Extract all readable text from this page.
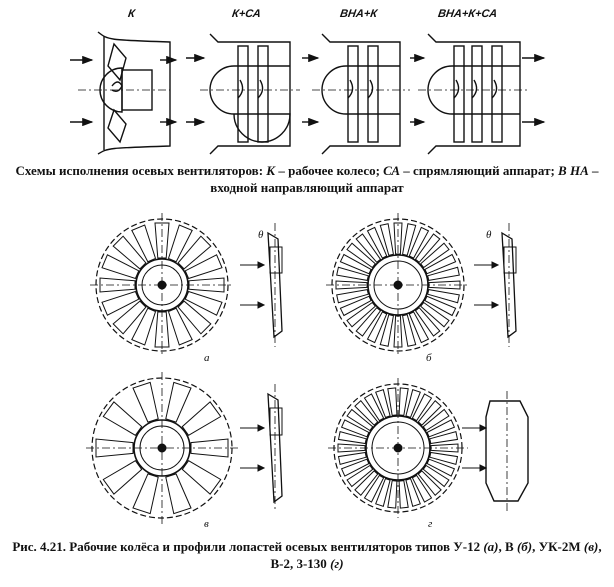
К	К+СА	ВНА+К	ВНА+К+СА
Схемы исполнения осевых вентиляторов: К – рабочее колесо; СА – спрямляющий аппарат; В НА – входной направляющий аппарат
а	б
в	г
θ	θ
Рис. 4.21. Рабочие колёса и профили лопастей осевых вентиляторов типов У-12 (а), В (б), УК-2М (в), В-2, 3-130 (г)
